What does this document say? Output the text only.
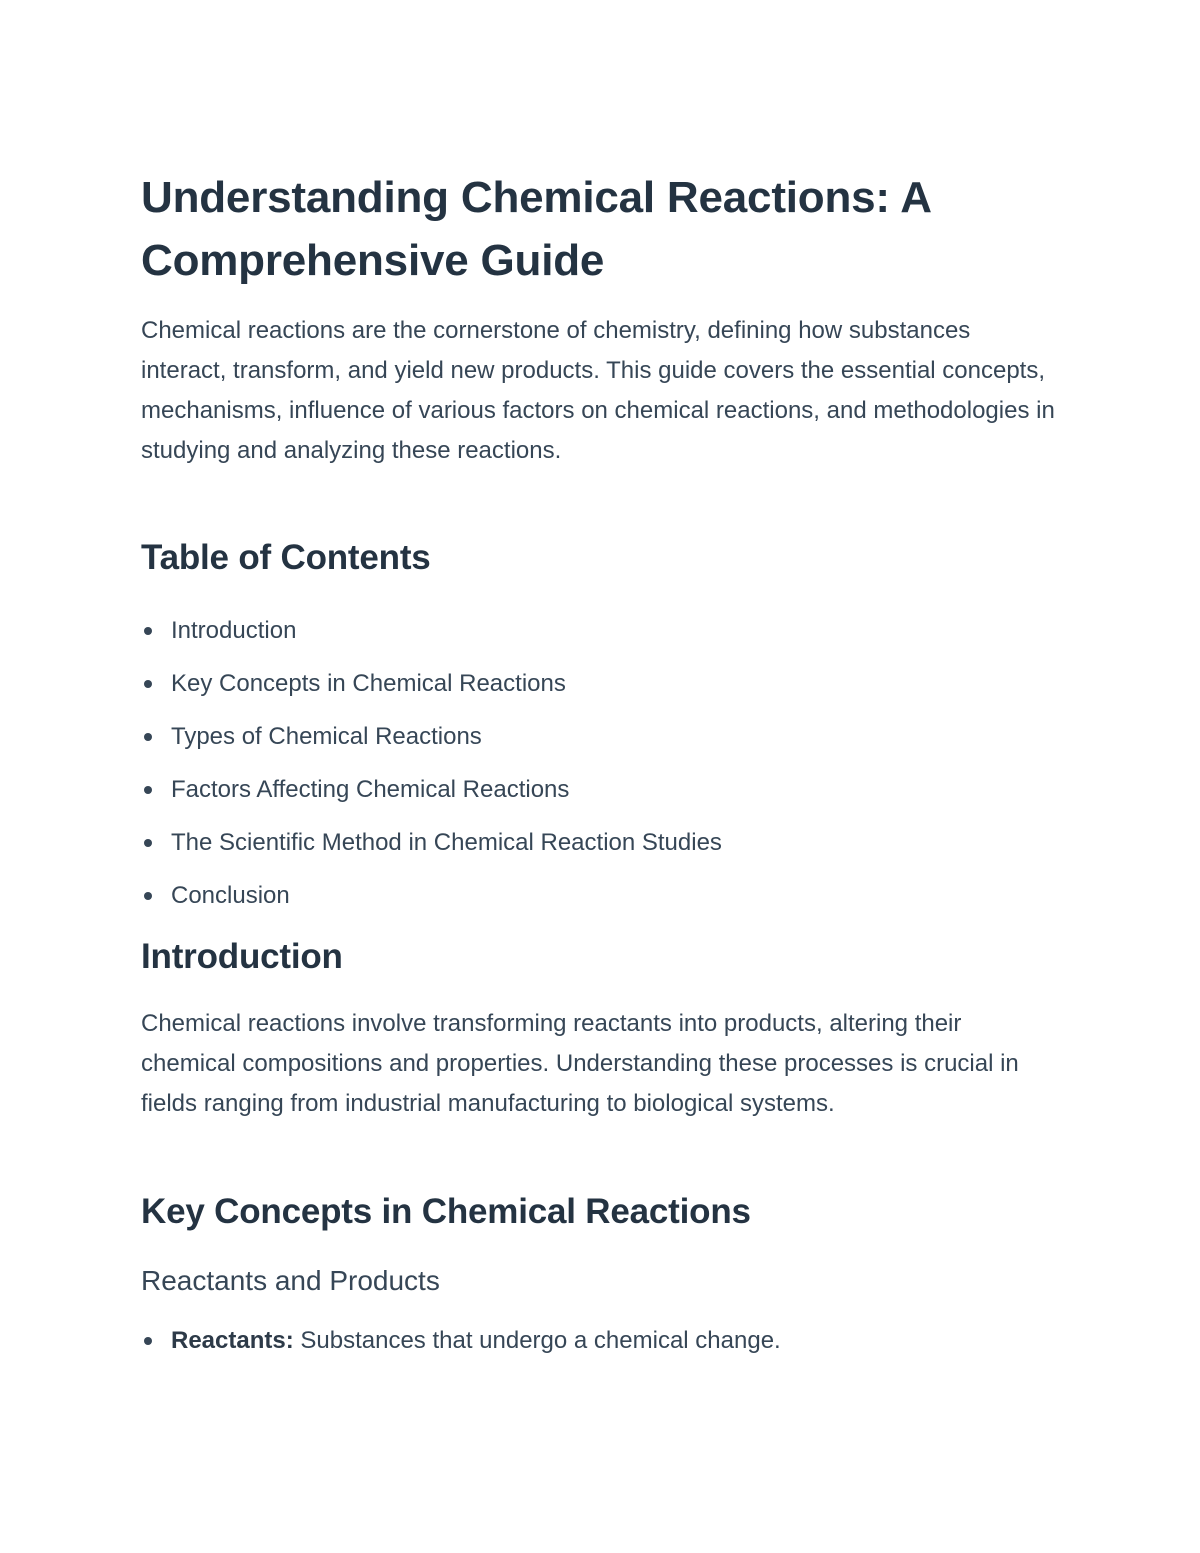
Understanding Chemical Reactions: A Comprehensive Guide

Chemical reactions are the cornerstone of chemistry, defining how substances interact, transform, and yield new products. This guide covers the essential concepts, mechanisms, influence of various factors on chemical reactions, and methodologies in studying and analyzing these reactions.

Table of Contents
Introduction
Key Concepts in Chemical Reactions
Types of Chemical Reactions
Factors Affecting Chemical Reactions
The Scientific Method in Chemical Reaction Studies
Conclusion
Introduction

Chemical reactions involve transforming reactants into products, altering their chemical compositions and properties. Understanding these processes is crucial in fields ranging from industrial manufacturing to biological systems.

Key Concepts in Chemical Reactions
Reactants and Products
Reactants: Substances that undergo a chemical change.
